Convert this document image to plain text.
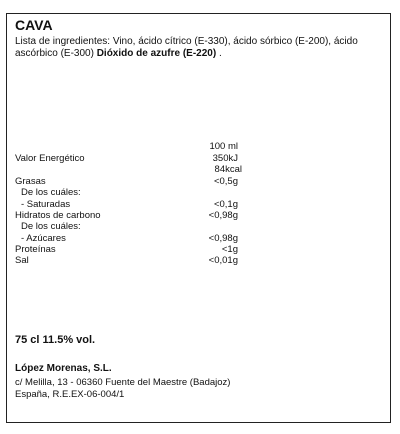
CAVA
Lista de ingredientes: Vino, ácido cítrico (E-330), ácido sórbico (E-200), ácido ascórbico (E-300) Dióxido de azufre (E-220) .
100 ml
Valor Energético	350kJ
84kcal
Grasas	<0,5g
De los cuáles:
- Saturadas	<0,1g
Hidratos de carbono	<0,98g
De los cuáles:
- Azúcares	<0,98g
Proteínas	<1g
Sal	<0,01g
75 cl 11.5% vol.
López Morenas, S.L.
c/ Melilla, 13 - 06360 Fuente del Maestre (Badajoz)
España, R.E.EX-06-004/1
